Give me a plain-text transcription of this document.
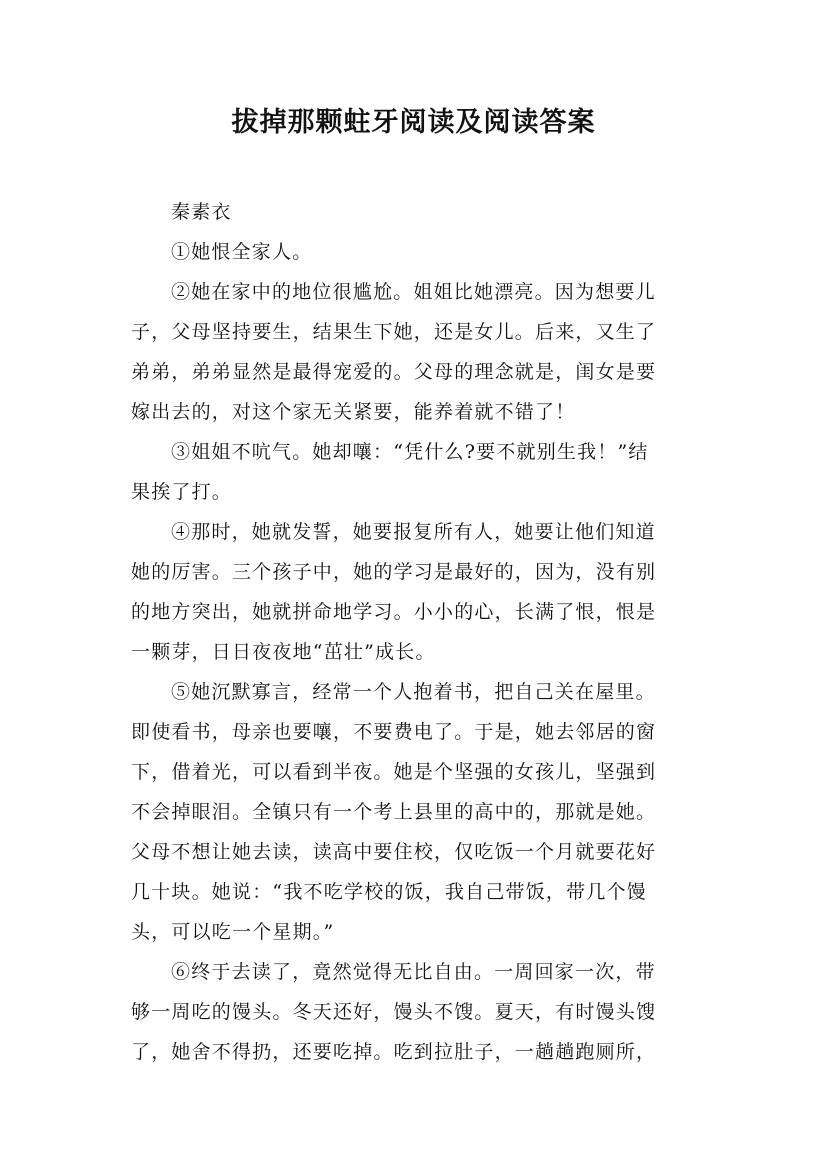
拔掉那颗蛀牙阅读及阅读答案

秦素衣

①她恨全家人。

②她在家中的地位很尴尬。姐姐比她漂亮。因为想要儿
子，父母坚持要生，结果生下她，还是女儿。后来，又生了
弟弟，弟弟显然是最得宠爱的。父母的理念就是，闺女是要
嫁出去的，对这个家无关紧要，能养着就不错了！

③姐姐不吭气。她却嚷：“凭什么?要不就别生我！”结
果挨了打。

④那时，她就发誓，她要报复所有人，她要让他们知道
她的厉害。三个孩子中，她的学习是最好的，因为，没有别
的地方突出，她就拼命地学习。小小的心，长满了恨，恨是
一颗芽，日日夜夜地“茁壮”成长。

⑤她沉默寡言，经常一个人抱着书，把自己关在屋里。
即使看书，母亲也要嚷，不要费电了。于是，她去邻居的窗
下，借着光，可以看到半夜。她是个坚强的女孩儿，坚强到
不会掉眼泪。全镇只有一个考上县里的高中的，那就是她。
父母不想让她去读，读高中要住校，仅吃饭一个月就要花好
几十块。她说：“我不吃学校的饭，我自己带饭，带几个馒
头，可以吃一个星期。”

⑥终于去读了，竟然觉得无比自由。一周回家一次，带
够一周吃的馒头。冬天还好，馒头不馊。夏天，有时馒头馊
了，她舍不得扔，还要吃掉。吃到拉肚子，一趟趟跑厕所，
